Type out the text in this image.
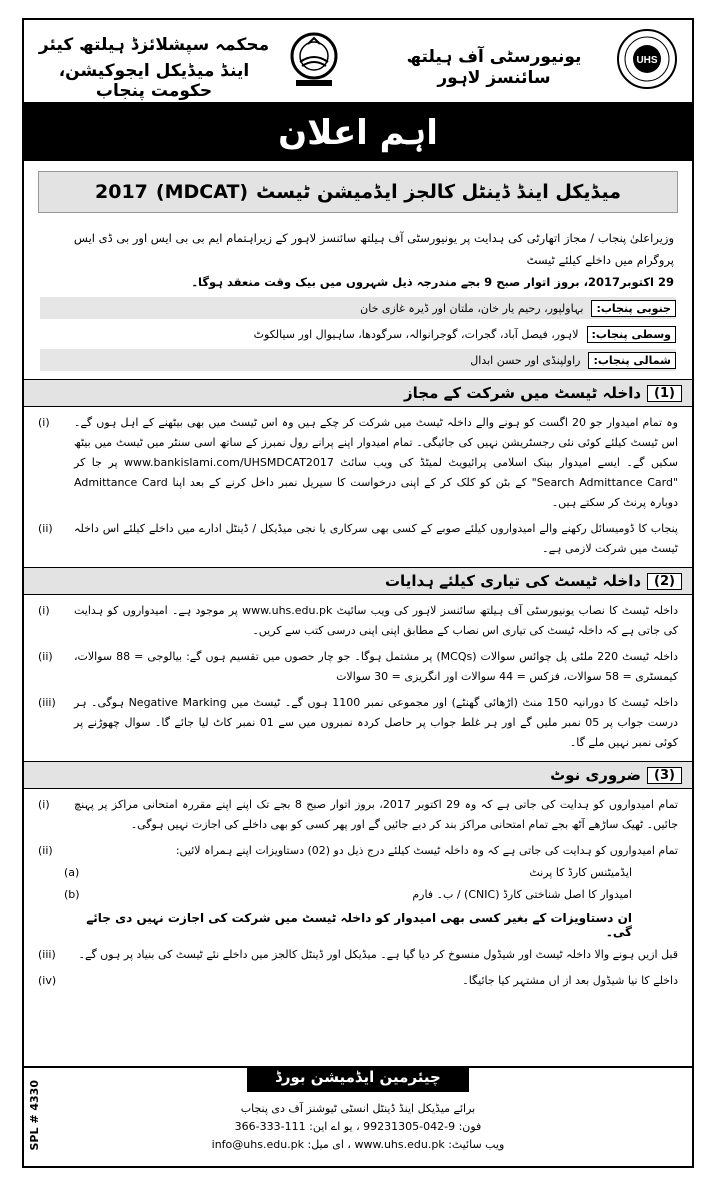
محکمہ سپشلائزڈ ہیلتھ کیئر
اینڈ میڈیکل ایجوکیشن، حکومت پنجاب
یونیورسٹی آف ہیلتھ سائنسز لاہور
UHS
اہم اعلان
میڈیکل اینڈ ڈینٹل کالجز ایڈمیشن ٹیسٹ
(MDCAT)
2017
وزیراعلیٰ پنجاب / مجاز اتھارٹی کی ہدایت پر یونیورسٹی آف ہیلتھ سائنسز لاہور کے زیراہتمام ایم بی بی ایس اور بی ڈی ایس پروگرام میں داخلے کیلئے ٹیسٹ
29 اکتوبر2017، بروز اتوار صبح 9 بجے مندرجہ ذیل شہروں میں بیک وقت منعقد ہوگا۔
جنوبی پنجاب:
بہاولپور، رحیم یار خان، ملتان اور ڈیرہ غازی خان
وسطی پنجاب:
لاہور، فیصل آباد، گجرات، گوجرانوالہ، سرگودھا، ساہیوال اور سیالکوٹ
شمالی پنجاب:
راولپنڈی اور حسن ابدال
(1)
داخلہ ٹیسٹ میں شرکت کے مجاز
وہ تمام امیدوار جو 20 اگست کو ہونے والے داخلہ ٹیسٹ میں شرکت کر چکے ہیں وہ اس ٹیسٹ میں بھی بیٹھنے کے اہل ہوں گے۔ اس ٹیسٹ کیلئے کوئی نئی رجسٹریشن نہیں کی جائیگی۔ تمام امیدوار اپنے پرانے رول نمبرز کے ساتھ اسی سنٹر میں ٹیسٹ میں بیٹھ سکیں گے۔ ایسے امیدوار بینک اسلامی پرائیویٹ لمیٹڈ کی ویب سائٹ www.bankislami.com/UHSMDCAT2017 پر جا کر "Search Admittance Card" کے بٹن کو کلک کر کے اپنی درخواست کا سیریل نمبر داخل کرنے کے بعد اپنا Admittance Card دوبارہ پرنٹ کر سکتے ہیں۔
(i)
پنجاب کا ڈومیسائل رکھنے والے امیدواروں کیلئے صوبے کے کسی بھی سرکاری یا نجی میڈیکل / ڈینٹل ادارے میں داخلے کیلئے اس داخلہ ٹیسٹ میں شرکت لازمی ہے۔
(ii)
(2)
داخلہ ٹیسٹ کی تیاری کیلئے ہدایات
داخلہ ٹیسٹ کا نصاب یونیورسٹی آف ہیلتھ سائنسز لاہور کی ویب سائیٹ www.uhs.edu.pk پر موجود ہے۔ امیدواروں کو ہدایت کی جاتی ہے کہ داخلہ ٹیسٹ کی تیاری اس نصاب کے مطابق اپنی اپنی درسی کتب سے کریں۔
(i)
داخلہ ٹیسٹ 220 ملٹی پل چوائس سوالات (MCQs) پر مشتمل ہوگا۔ جو چار حصوں میں تقسیم ہوں گے: بیالوجی = 88 سوالات، کیمسٹری = 58 سوالات، فزکس = 44 سوالات اور انگریزی = 30 سوالات
(ii)
داخلہ ٹیسٹ کا دورانیہ 150 منٹ (اڑھائی گھنٹے) اور مجموعی نمبر 1100 ہوں گے۔ ٹیسٹ میں Negative Marking ہوگی۔ ہر درست جواب پر 05 نمبر ملیں گے اور ہر غلط جواب پر حاصل کردہ نمبروں میں سے 01 نمبر کاٹ لیا جائے گا۔ سوال چھوڑنے پر کوئی نمبر نہیں ملے گا۔
(iii)
(3)
ضروری نوٹ
تمام امیدواروں کو ہدایت کی جاتی ہے کہ وہ 29 اکتوبر 2017، بروز اتوار صبح 8 بجے تک اپنے اپنے مقررہ امتحانی مراکز پر پہنچ جائیں۔ ٹھیک ساڑھے آٹھ بجے تمام امتحانی مراکز بند کر دیے جائیں گے اور پھر کسی کو بھی داخلے کی اجازت نہیں ہوگی۔
(i)
تمام امیدواروں کو ہدایت کی جاتی ہے کہ وہ داخلہ ٹیسٹ کیلئے درج ذیل دو (02) دستاویزات اپنے ہمراہ لائیں:
(ii)
ایڈمیٹنس کارڈ کا پرنٹ
(a)
امیدوار کا اصل شناختی کارڈ (CNIC) / ب۔ فارم
(b)
ان دستاویزات کے بغیر کسی بھی امیدوار کو داخلہ ٹیسٹ میں شرکت کی اجازت نہیں دی جائے گی۔
قبل ازیں ہونے والا داخلہ ٹیسٹ اور شیڈول منسوخ کر دیا گیا ہے۔ میڈیکل اور ڈینٹل کالجز میں داخلے نئے ٹیسٹ کی بنیاد پر ہوں گے۔
(iii)
داخلے کا نیا شیڈول بعد از اں مشتہر کیا جائیگا۔
(iv)
چیئرمین ایڈمیشن بورڈ
برائے میڈیکل اینڈ ڈینٹل انسٹی ٹیوشنز آف دی پنجاب
فون: 9-042-99231305 ، یو اے این: 111-333-366
ویب سائیٹ: www.uhs.edu.pk ، ای میل: info@uhs.edu.pk
SPL # 4330
